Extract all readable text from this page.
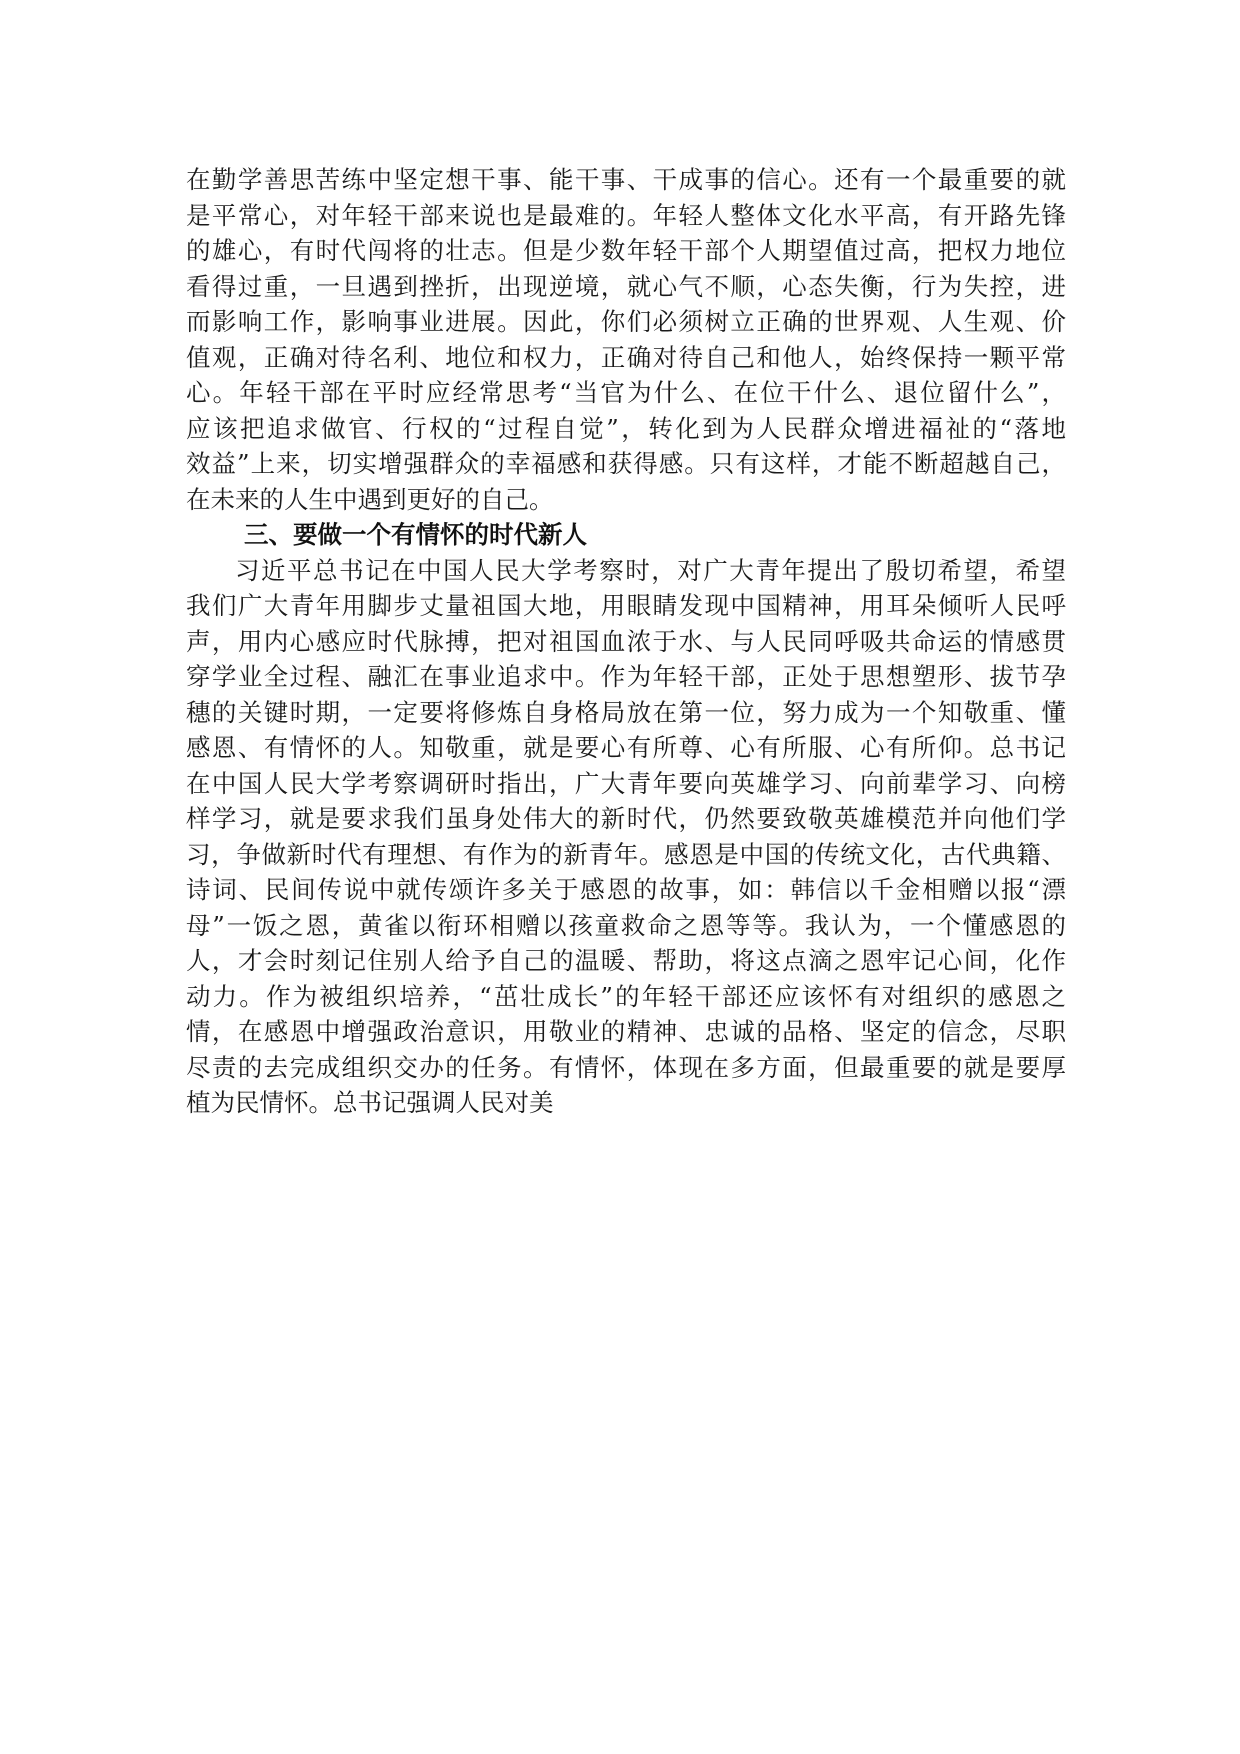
在勤学善思苦练中坚定想干事、能干事、干成事的信心。还有一个最重要的就
是平常心，对年轻干部来说也是最难的。年轻人整体文化水平高，有开路先锋
的雄心，有时代闯将的壮志。但是少数年轻干部个人期望值过高，把权力地位
看得过重，一旦遇到挫折，出现逆境，就心气不顺，心态失衡，行为失控，进
而影响工作，影响事业进展。因此，你们必须树立正确的世界观、人生观、价
值观，正确对待名利、地位和权力，正确对待自己和他人，始终保持一颗平常
心。年轻干部在平时应经常思考“当官为什么、在位干什么、退位留什么”，
应该把追求做官、行权的“过程自觉”，转化到为人民群众增进福祉的“落地
效益”上来，切实增强群众的幸福感和获得感。只有这样，才能不断超越自己，
在未来的人生中遇到更好的自己。
三、要做一个有情怀的时代新人
习近平总书记在中国人民大学考察时，对广大青年提出了殷切希望，希望
我们广大青年用脚步丈量祖国大地，用眼睛发现中国精神，用耳朵倾听人民呼
声，用内心感应时代脉搏，把对祖国血浓于水、与人民同呼吸共命运的情感贯
穿学业全过程、融汇在事业追求中。作为年轻干部，正处于思想塑形、拔节孕
穗的关键时期，一定要将修炼自身格局放在第一位，努力成为一个知敬重、懂
感恩、有情怀的人。知敬重，就是要心有所尊、心有所服、心有所仰。总书记
在中国人民大学考察调研时指出，广大青年要向英雄学习、向前辈学习、向榜
样学习，就是要求我们虽身处伟大的新时代，仍然要致敬英雄模范并向他们学
习，争做新时代有理想、有作为的新青年。感恩是中国的传统文化，古代典籍、
诗词、民间传说中就传颂许多关于感恩的故事，如：韩信以千金相赠以报“漂
母”一饭之恩，黄雀以衔环相赠以孩童救命之恩等等。我认为，一个懂感恩的
人，才会时刻记住别人给予自己的温暖、帮助，将这点滴之恩牢记心间，化作
动力。作为被组织培养，“茁壮成长”的年轻干部还应该怀有对组织的感恩之
情，在感恩中增强政治意识，用敬业的精神、忠诚的品格、坚定的信念，尽职
尽责的去完成组织交办的任务。有情怀，体现在多方面，但最重要的就是要厚
植为民情怀。总书记强调人民对美
